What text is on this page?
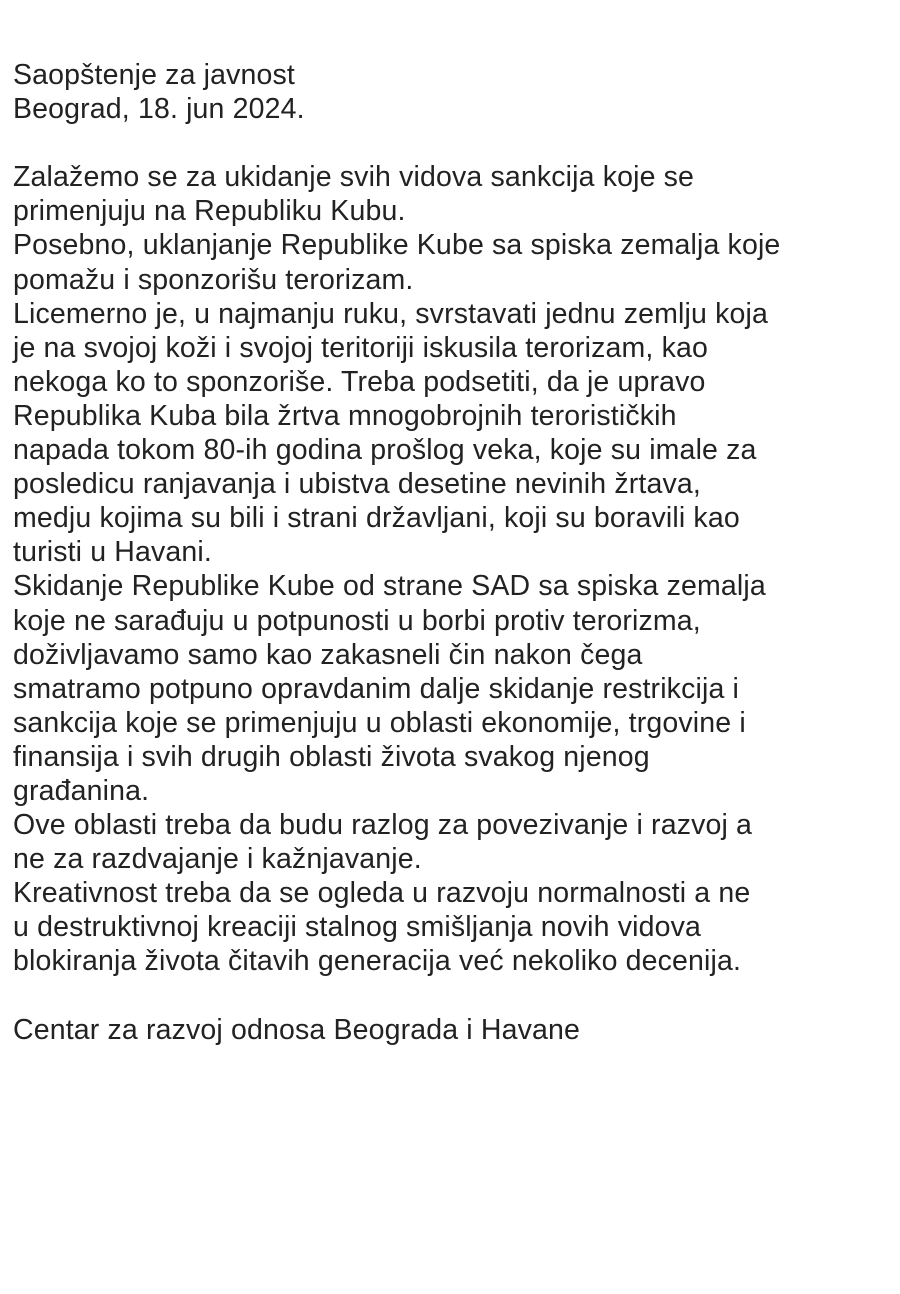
Saopštenje za javnost
Beograd, 18. jun 2024.
Zalažemo se za ukidanje svih vidova sankcija koje se
primenjuju na Republiku Kubu.
Posebno, uklanjanje Republike Kube sa spiska zemalja koje
pomažu i sponzorišu terorizam.
Licemerno je, u najmanju ruku, svrstavati jednu zemlju koja
je na svojoj koži i svojoj teritoriji iskusila terorizam, kao
nekoga ko to sponzoriše. Treba podsetiti, da je upravo
Republika Kuba bila žrtva mnogobrojnih terorističkih
napada tokom 80-ih godina prošlog veka, koje su imale za
posledicu ranjavanja i ubistva desetine nevinih žrtava,
medju kojima su bili i strani državljani, koji su boravili kao
turisti u Havani.
Skidanje Republike Kube od strane SAD sa spiska zemalja
koje ne sarađuju u potpunosti u borbi protiv terorizma,
doživljavamo samo kao zakasneli čin nakon čega
smatramo potpuno opravdanim dalje skidanje restrikcija i
sankcija koje se primenjuju u oblasti ekonomije, trgovine i
finansija i svih drugih oblasti života svakog njenog
građanina.
Ove oblasti treba da budu razlog za povezivanje i razvoj a
ne za razdvajanje i kažnjavanje.
Kreativnost treba da se ogleda u razvoju normalnosti a ne
u destruktivnoj kreaciji stalnog smišljanja novih vidova
blokiranja života čitavih generacija već nekoliko decenija.
Centar za razvoj odnosa Beograda i Havane
